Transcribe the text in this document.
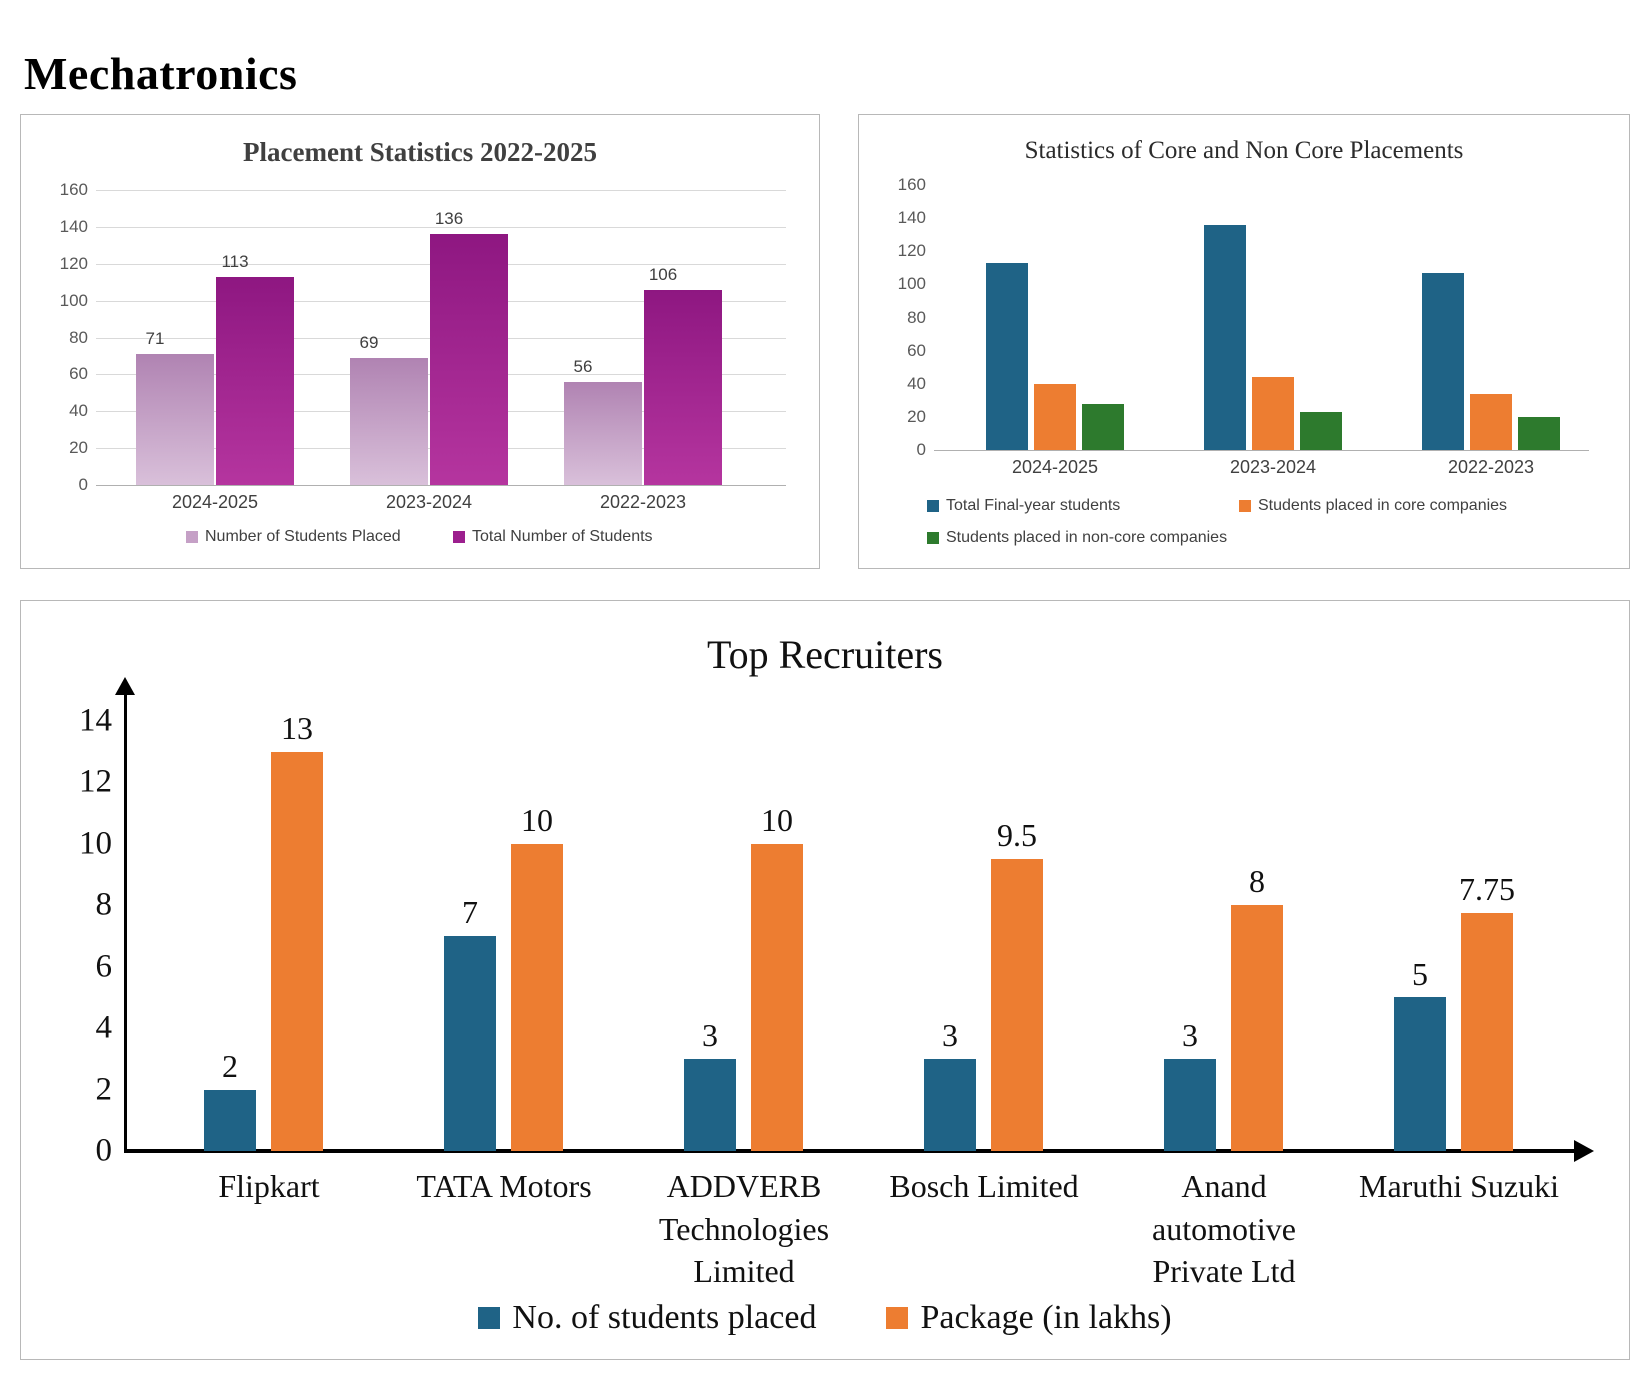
Mechatronics
Placement Statistics 2022-2025
160
140
120
100
80
60
40
20
0
71
113
2024-2025
69
136
2023-2024
56
106
2022-2023
Number of Students Placed	Total Number of Students
Statistics of Core and Non Core Placements
160
140
120
100
80
60
40
20
0
2024-2025	2023-2024	2022-2023
Total Final-year students	Students placed in core companies
Students placed in non-core companies
Top Recruiters
14
12
10
8
6
4
2
0
2
13
Flipkart
7
10
TATA Motors
3
10
ADDVERB Technologies Limited
3
9.5
Bosch Limited
3
8
Anand automotive Private Ltd
5
7.75
Maruthi Suzuki
No. of students placed	Package (in lakhs)
